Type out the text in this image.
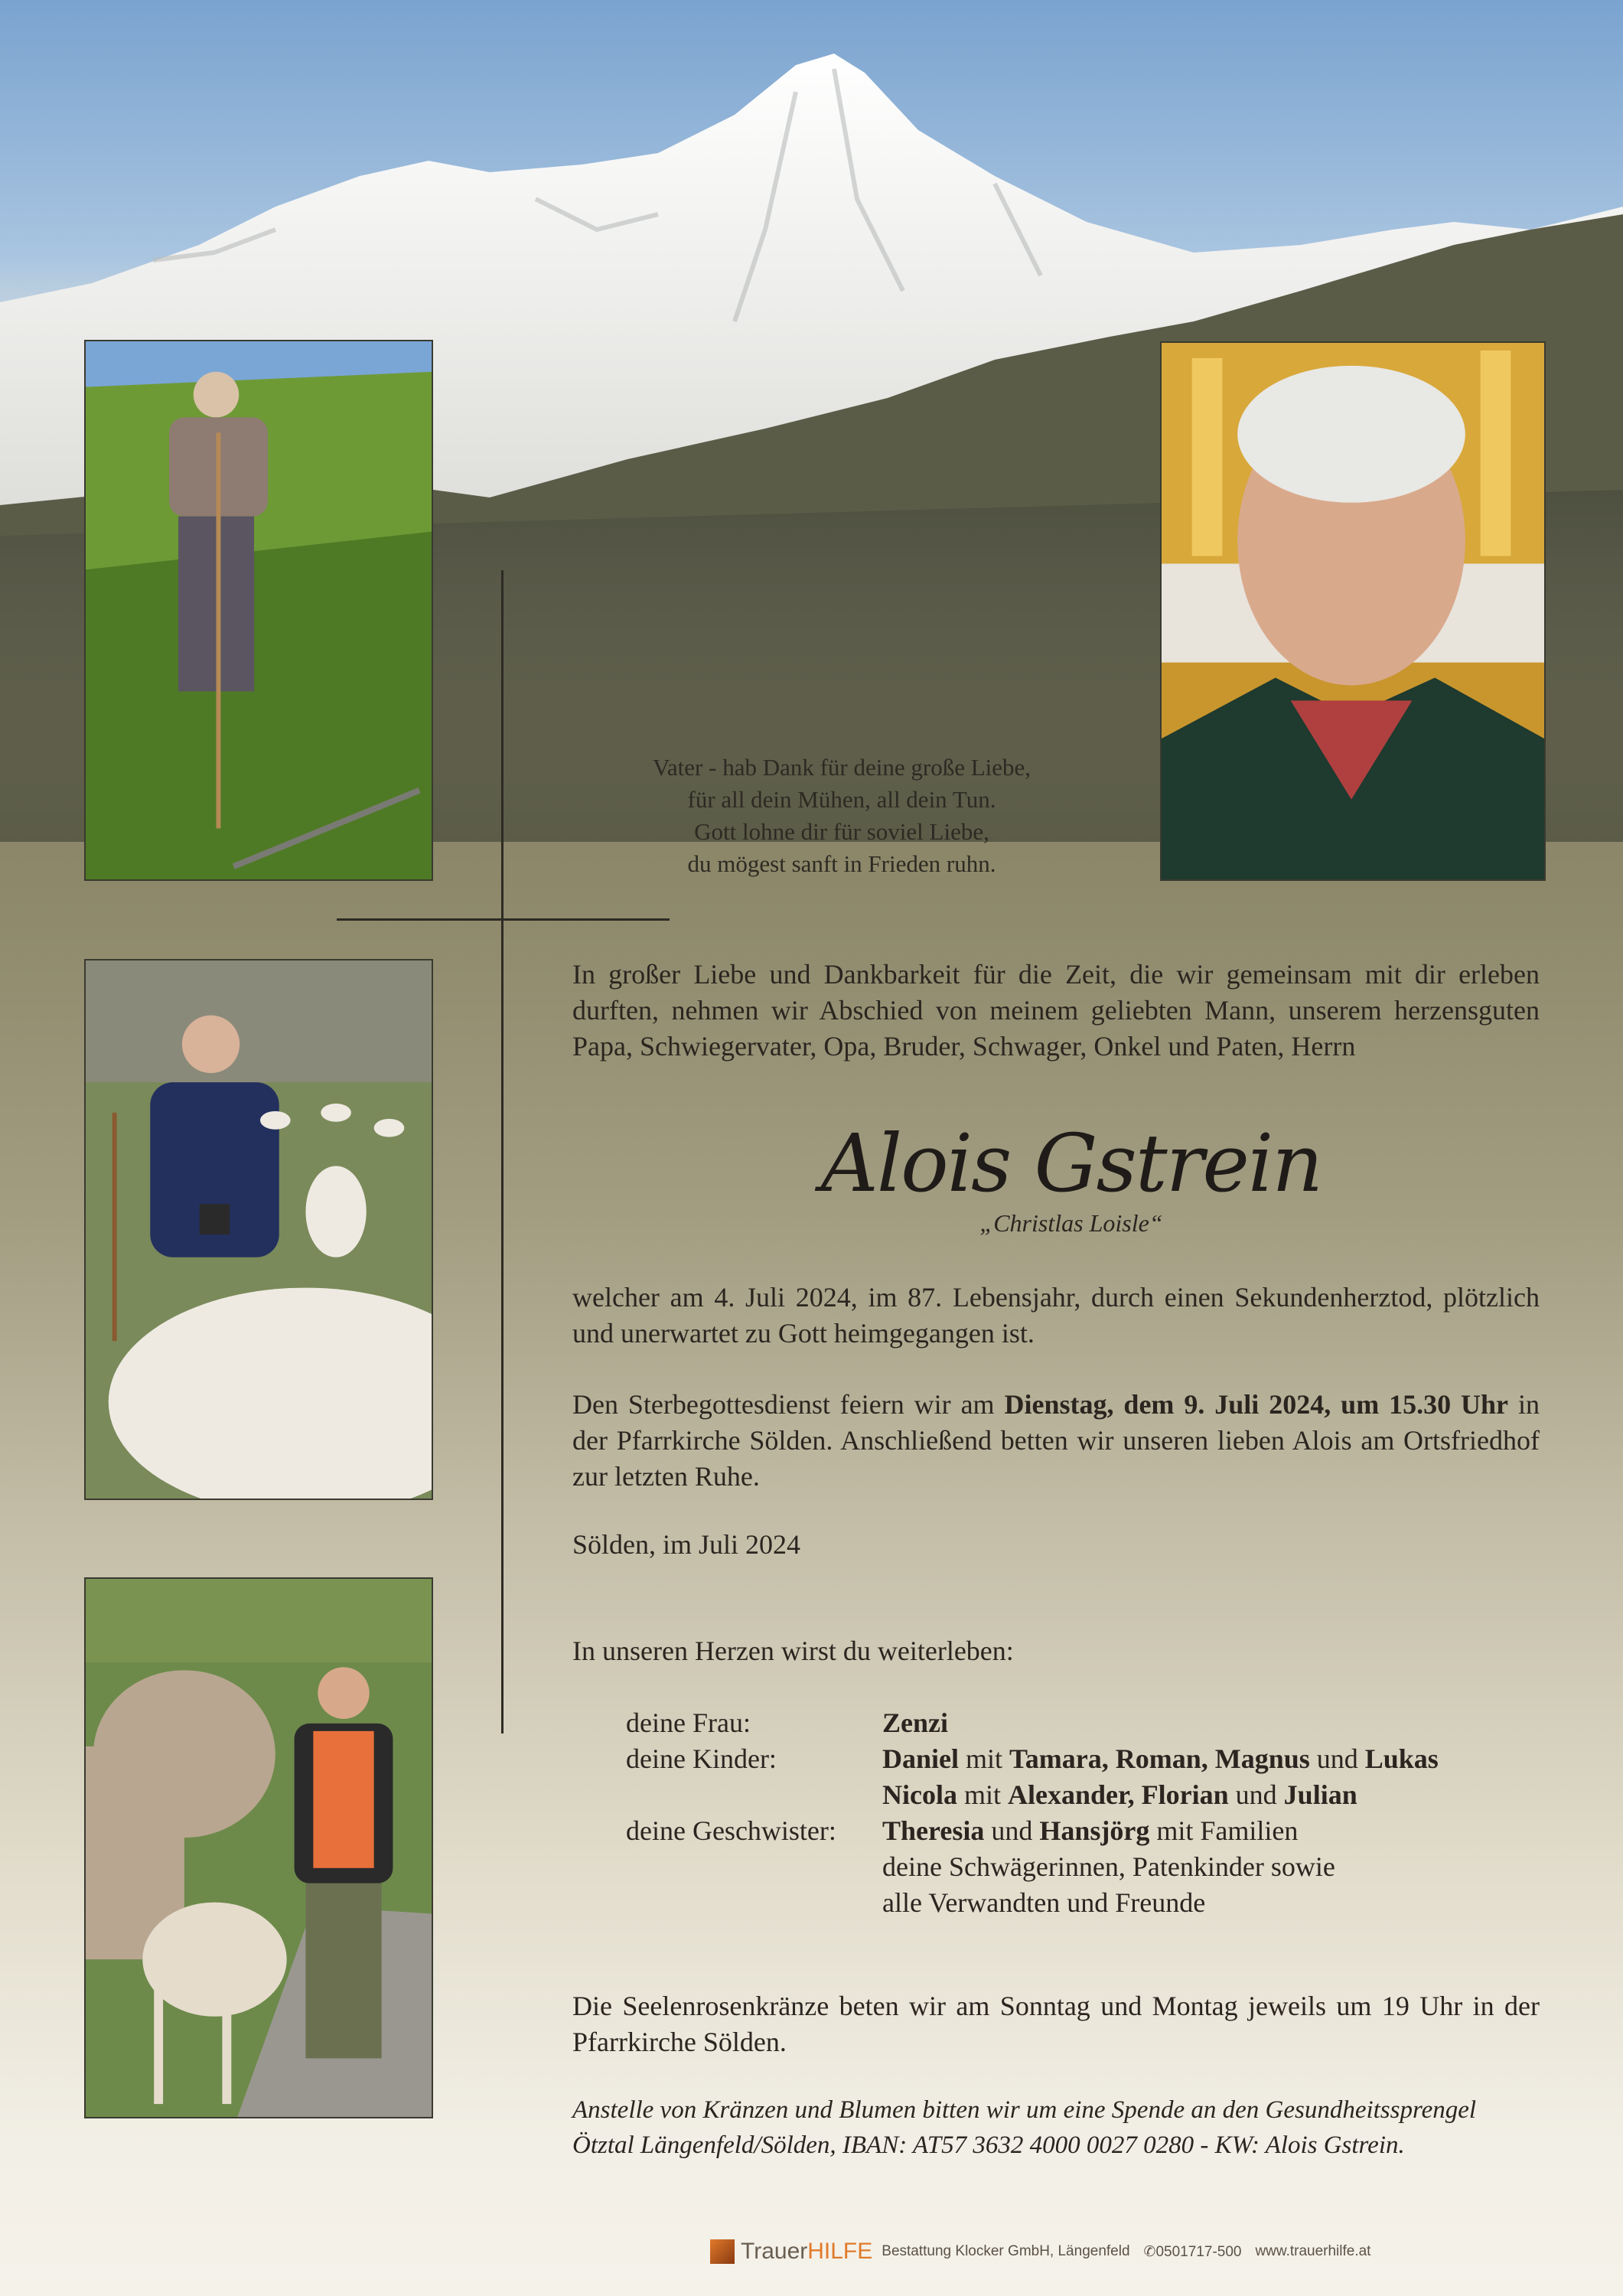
Vater - hab Dank für deine große Liebe,
für all dein Mühen, all dein Tun.
Gott lohne dir für soviel Liebe,
du mögest sanft in Frieden ruhn.
In großer Liebe und Dankbarkeit für die Zeit, die wir gemeinsam mit dir erleben durften, nehmen wir Abschied von meinem geliebten Mann, unserem herzensguten Papa, Schwiegervater, Opa, Bruder, Schwager, Onkel und Paten, Herrn
Alois Gstrein
„Christlas Loisle“
welcher am 4. Juli 2024, im 87. Lebensjahr, durch einen Sekundenherztod, plötzlich und unerwartet zu Gott heimgegangen ist.
Den Sterbegottesdienst feiern wir am Dienstag, dem 9. Juli 2024, um 15.30 Uhr in der Pfarrkirche Sölden. Anschließend betten wir unseren lieben Alois am Ortsfriedhof zur letzten Ruhe.
Sölden, im Juli 2024
In unseren Herzen wirst du weiterleben:
deine Frau:	Zenzi
deine Kinder:	Daniel mit Tamara, Roman, Magnus und Lukas
Nicola mit Alexander, Florian und Julian
deine Geschwister:	Theresia und Hansjörg mit Familien
deine Schwägerinnen, Patenkinder sowie
alle Verwandten und Freunde
Die Seelenrosenkränze beten wir am Sonntag und Montag jeweils um 19 Uhr in der Pfarrkirche Sölden.
Anstelle von Kränzen und Blumen bitten wir um eine Spende an den Gesundheitssprengel
Ötztal Längenfeld/Sölden, IBAN: AT57 3632 4000 0027 0280 - KW: Alois Gstrein.
Trauer HILFE Bestattung Klocker GmbH, Längenfeld ✆0501717-500 www.trauerhilfe.at
